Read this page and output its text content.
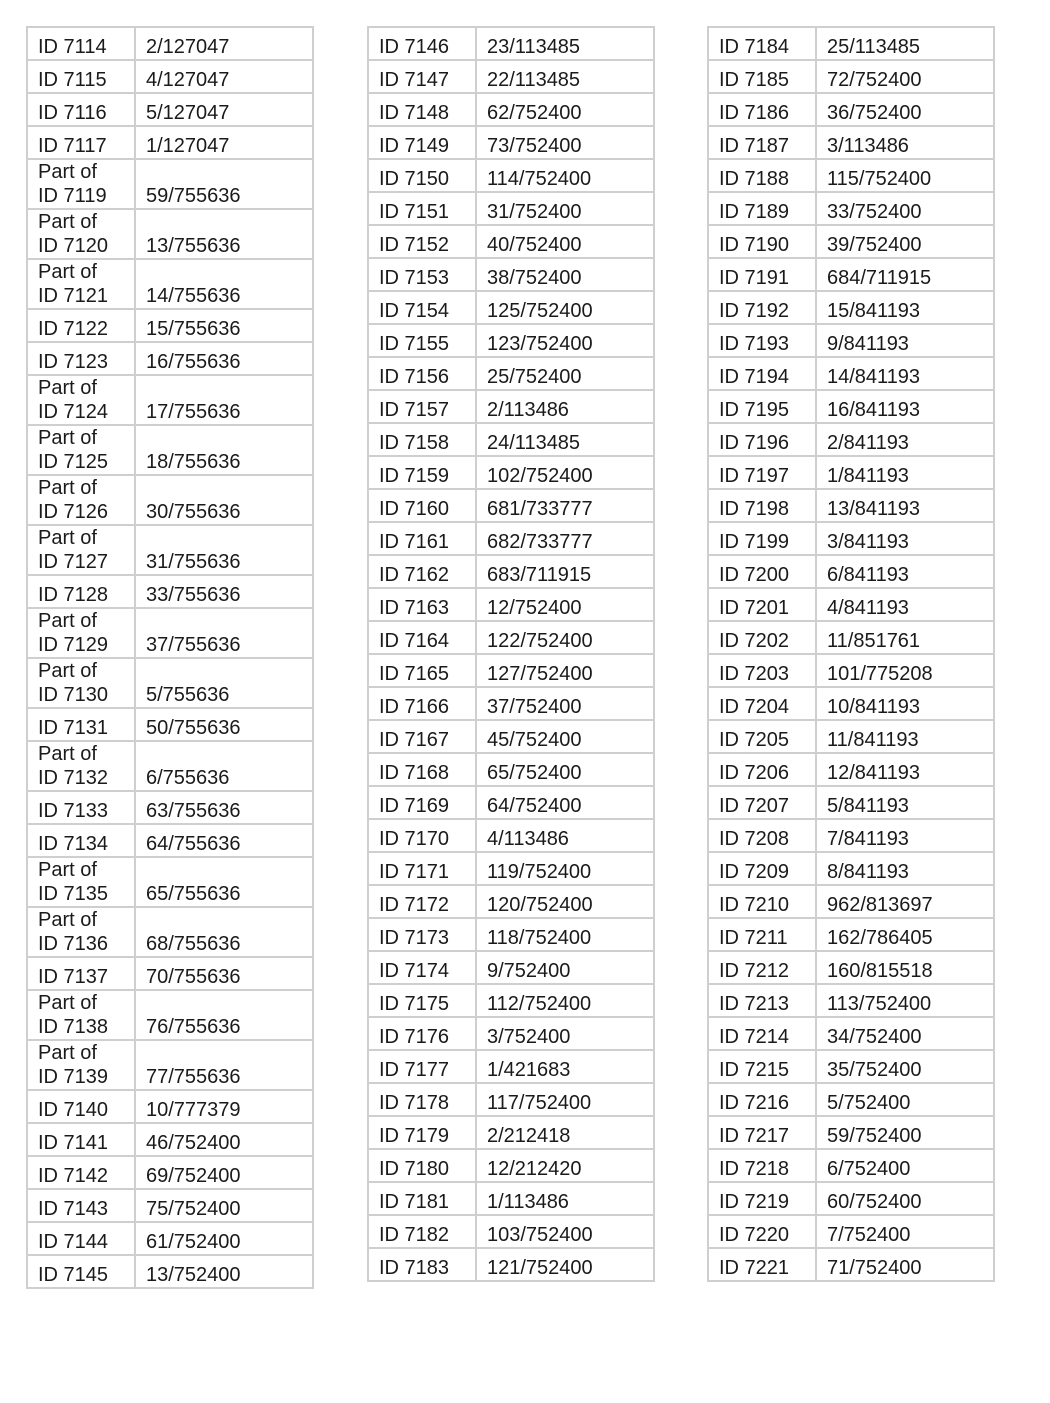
ID 7114	2/127047

ID 7115	4/127047

ID 7116	5/127047

ID 7117	1/127047

Part of
ID 7119	59/755636

Part of
ID 7120	13/755636

Part of
ID 7121	14/755636

ID 7122	15/755636

ID 7123	16/755636

Part of
ID 7124	17/755636

Part of
ID 7125	18/755636

Part of
ID 7126	30/755636

Part of
ID 7127	31/755636

ID 7128	33/755636

Part of
ID 7129	37/755636

Part of
ID 7130	5/755636

ID 7131	50/755636

Part of
ID 7132	6/755636

ID 7133	63/755636

ID 7134	64/755636

Part of
ID 7135	65/755636

Part of
ID 7136	68/755636

ID 7137	70/755636

Part of
ID 7138	76/755636

Part of
ID 7139	77/755636

ID 7140	10/777379

ID 7141	46/752400

ID 7142	69/752400

ID 7143	75/752400

ID 7144	61/752400

ID 7145	13/752400
ID 7146	23/113485

ID 7147	22/113485

ID 7148	62/752400

ID 7149	73/752400

ID 7150	114/752400

ID 7151	31/752400

ID 7152	40/752400

ID 7153	38/752400

ID 7154	125/752400

ID 7155	123/752400

ID 7156	25/752400

ID 7157	2/113486

ID 7158	24/113485

ID 7159	102/752400

ID 7160	681/733777

ID 7161	682/733777

ID 7162	683/711915

ID 7163	12/752400

ID 7164	122/752400

ID 7165	127/752400

ID 7166	37/752400

ID 7167	45/752400

ID 7168	65/752400

ID 7169	64/752400

ID 7170	4/113486

ID 7171	119/752400

ID 7172	120/752400

ID 7173	118/752400

ID 7174	9/752400

ID 7175	112/752400

ID 7176	3/752400

ID 7177	1/421683

ID 7178	117/752400

ID 7179	2/212418

ID 7180	12/212420

ID 7181	1/113486

ID 7182	103/752400

ID 7183	121/752400
ID 7184	25/113485

ID 7185	72/752400

ID 7186	36/752400

ID 7187	3/113486

ID 7188	115/752400

ID 7189	33/752400

ID 7190	39/752400

ID 7191	684/711915

ID 7192	15/841193

ID 7193	9/841193

ID 7194	14/841193

ID 7195	16/841193

ID 7196	2/841193

ID 7197	1/841193

ID 7198	13/841193

ID 7199	3/841193

ID 7200	6/841193

ID 7201	4/841193

ID 7202	11/851761

ID 7203	101/775208

ID 7204	10/841193

ID 7205	11/841193

ID 7206	12/841193

ID 7207	5/841193

ID 7208	7/841193

ID 7209	8/841193

ID 7210	962/813697

ID 7211	162/786405

ID 7212	160/815518

ID 7213	113/752400

ID 7214	34/752400

ID 7215	35/752400

ID 7216	5/752400

ID 7217	59/752400

ID 7218	6/752400

ID 7219	60/752400

ID 7220	7/752400

ID 7221	71/752400
